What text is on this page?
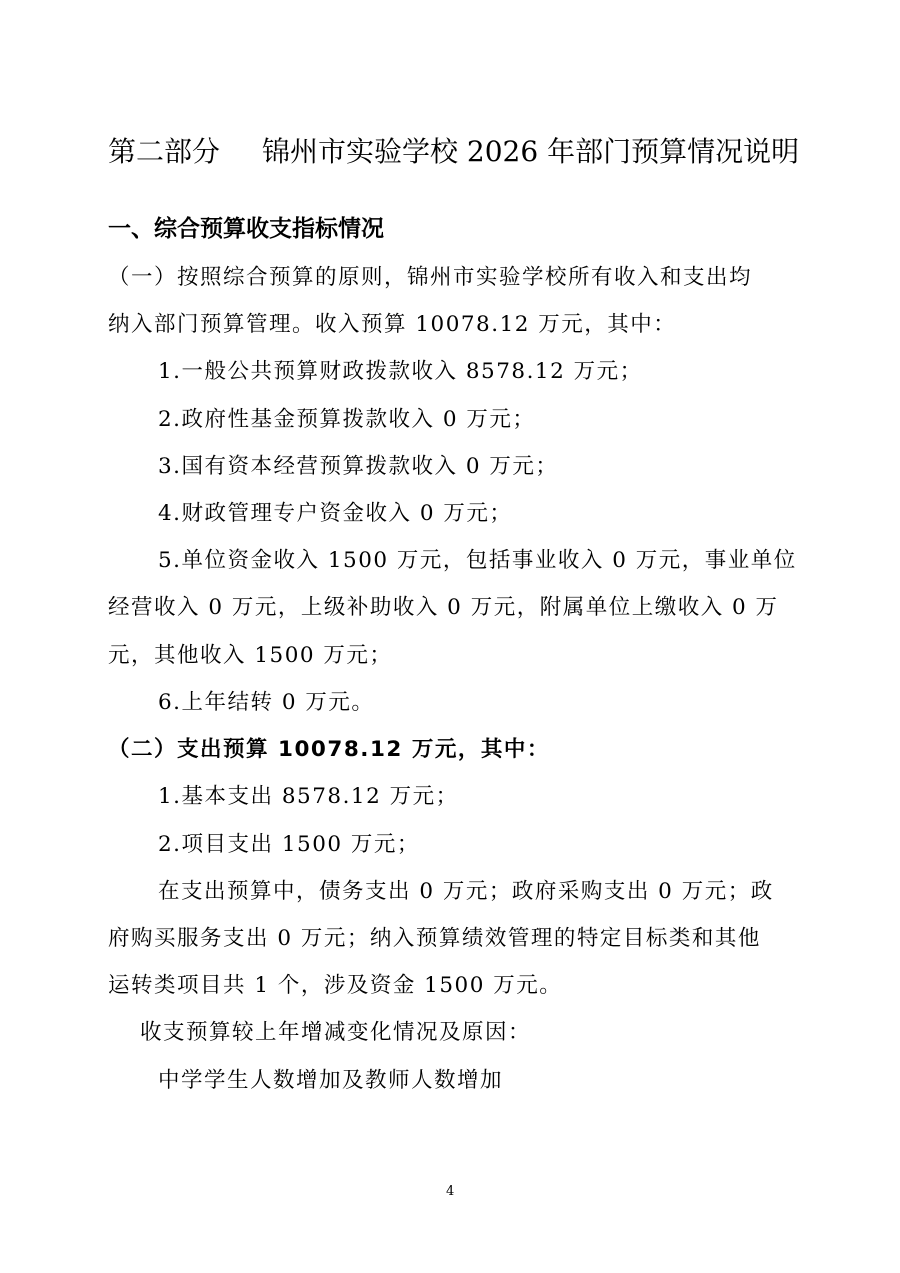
第二部分 锦州市实验学校 2026 年部门预算情况说明
一、综合预算收支指标情况
（一）按照综合预算的原则，锦州市实验学校所有收入和支出均
纳入部门预算管理。收入预算 10078.12 万元，其中：
1.一般公共预算财政拨款收入 8578.12 万元；
2.政府性基金预算拨款收入 0 万元；
3.国有资本经营预算拨款收入 0 万元；
4.财政管理专户资金收入 0 万元；
5.单位资金收入 1500 万元，包括事业收入 0 万元，事业单位
经营收入 0 万元，上级补助收入 0 万元，附属单位上缴收入 0 万
元，其他收入 1500 万元；
6.上年结转 0 万元。
（二）支出预算 10078.12 万元，其中：
1.基本支出 8578.12 万元；
2.项目支出 1500 万元；
在支出预算中，债务支出 0 万元；政府采购支出 0 万元；政
府购买服务支出 0 万元；纳入预算绩效管理的特定目标类和其他
运转类项目共 1 个，涉及资金 1500 万元。
收支预算较上年增减变化情况及原因：
中学学生人数增加及教师人数增加
4
